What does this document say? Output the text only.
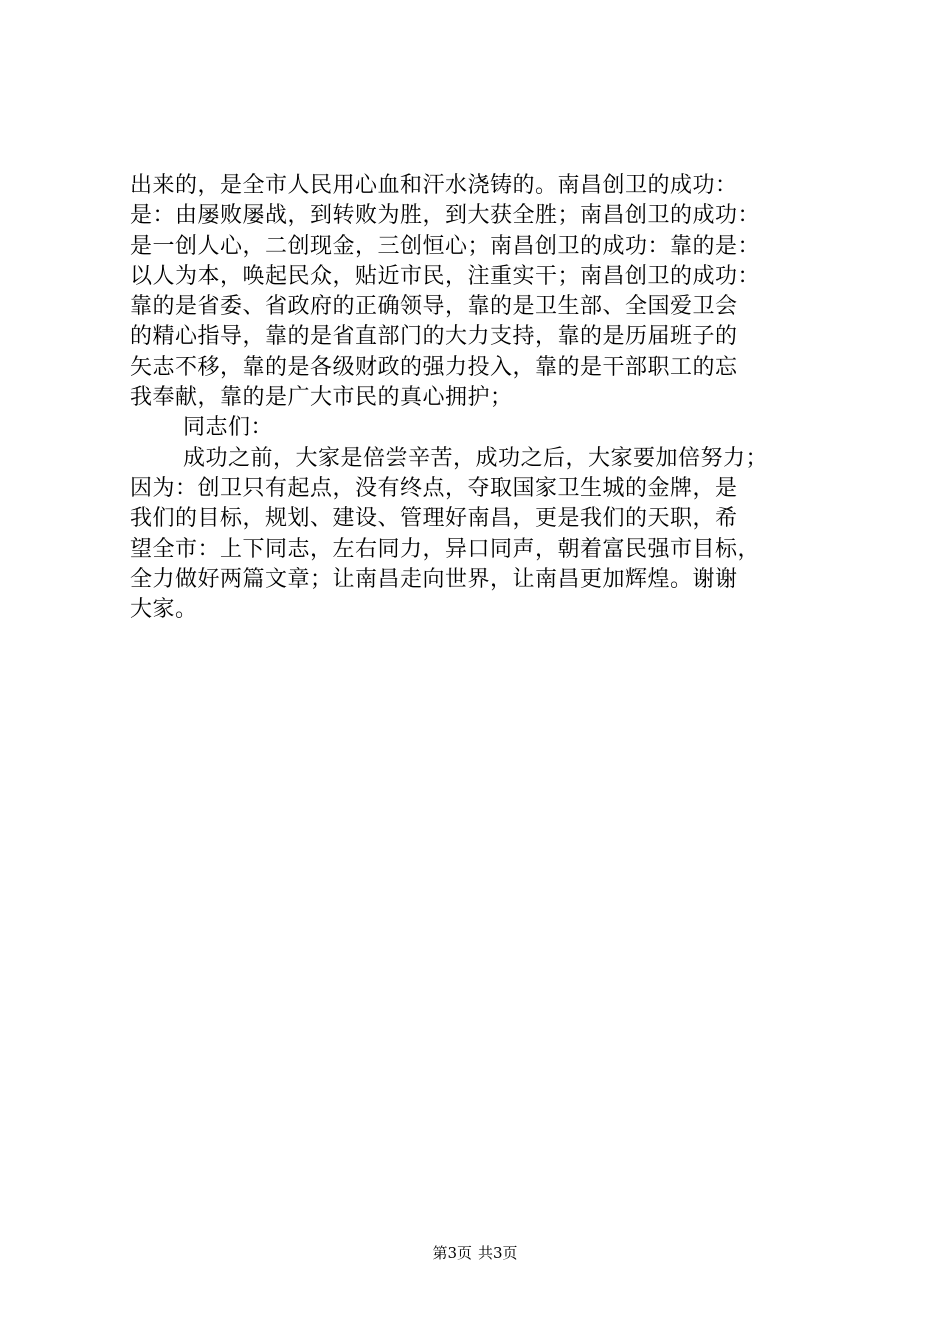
出来的，是全市人民用心血和汗水浇铸的。南昌创卫的成功：
是：由屡败屡战，到转败为胜，到大获全胜；南昌创卫的成功：
是一创人心，二创现金，三创恒心；南昌创卫的成功：靠的是：
以人为本，唤起民众，贴近市民，注重实干；南昌创卫的成功：
靠的是省委、省政府的正确领导，靠的是卫生部、全国爱卫会
的精心指导，靠的是省直部门的大力支持，靠的是历届班子的
矢志不移，靠的是各级财政的强力投入，靠的是干部职工的忘
我奉献，靠的是广大市民的真心拥护；
同志们：
成功之前，大家是倍尝辛苦，成功之后，大家要加倍努力；
因为：创卫只有起点，没有终点，夺取国家卫生城的金牌，是
我们的目标，规划、建设、管理好南昌，更是我们的天职，希
望全市：上下同志，左右同力，异口同声，朝着富民强市目标，
全力做好两篇文章；让南昌走向世界，让南昌更加辉煌。谢谢
大家。
第3页 共3页
